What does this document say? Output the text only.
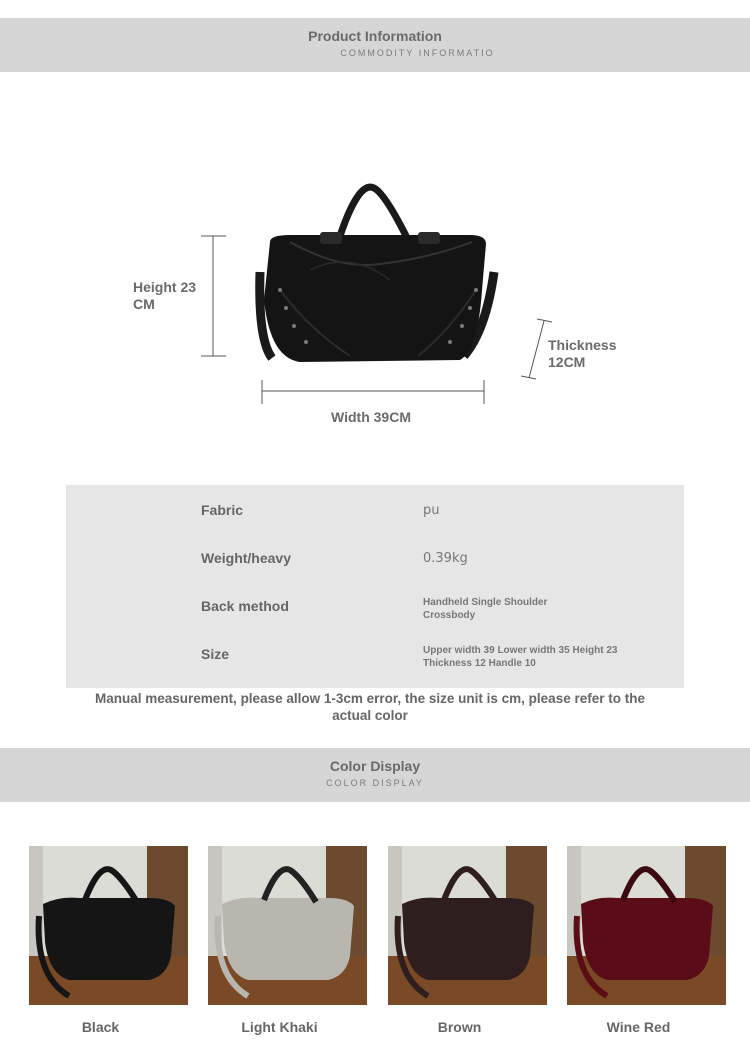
Product Information
COMMODITY INFORMATIO
Height 23
CM
Width 39CM
Thickness
12CM
Fabric	pu
Weight/heavy	0.39kg
Back method	Handheld Single Shoulder Crossbody
Size	Upper width 39 Lower width 35 Height 23 Thickness 12 Handle 10
Manual measurement, please allow 1-3cm error, the size unit is cm, please refer to the actual color
Color Display
COLOR DISPLAY
Black	Light Khaki	Brown	Wine Red
